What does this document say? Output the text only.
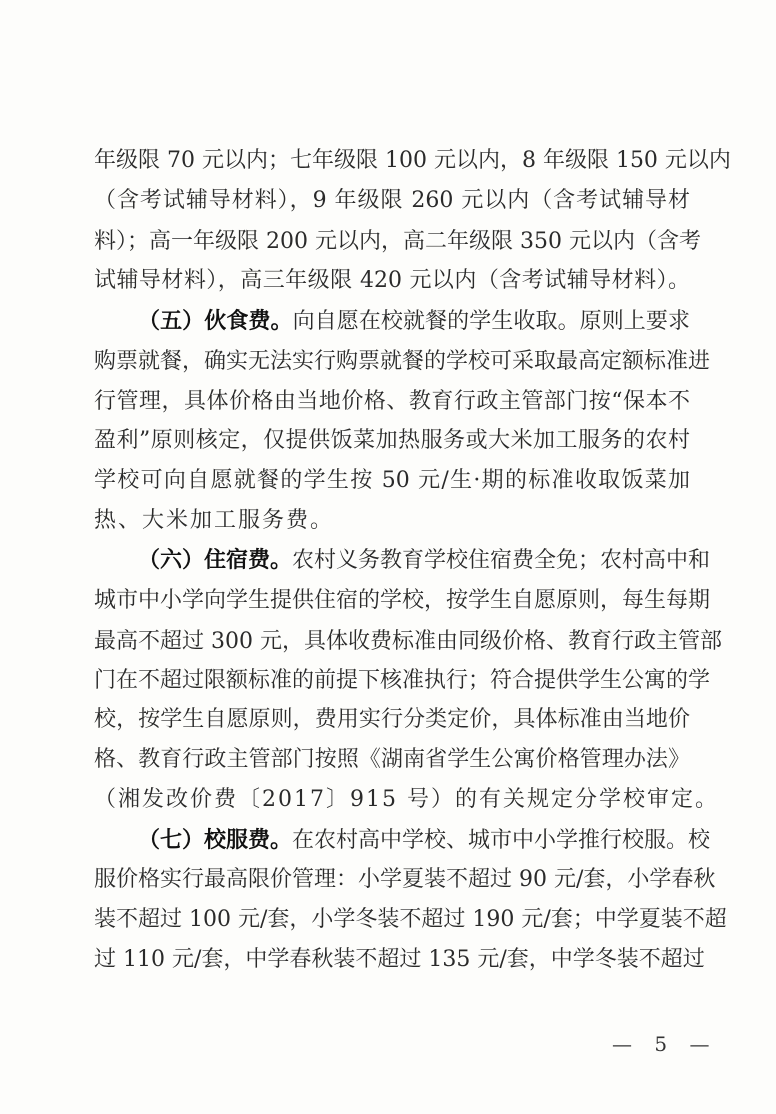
年级限 70 元以内；七年级限 100 元以内，8 年级限 150 元以内
（含考试辅导材料），9 年级限 260 元以内（含考试辅导材
料）；高一年级限 200 元以内，高二年级限 350 元以内（含考
试辅导材料），高三年级限 420 元以内（含考试辅导材料）。
（五）伙食费。向自愿在校就餐的学生收取。原则上要求
购票就餐，确实无法实行购票就餐的学校可采取最高定额标准进
行管理，具体价格由当地价格、教育行政主管部门按“保本不
盈利”原则核定，仅提供饭菜加热服务或大米加工服务的农村
学校可向自愿就餐的学生按 50 元/生·期的标准收取饭菜加
热、大米加工服务费。
（六）住宿费。农村义务教育学校住宿费全免；农村高中和
城市中小学向学生提供住宿的学校，按学生自愿原则，每生每期
最高不超过 300 元，具体收费标准由同级价格、教育行政主管部
门在不超过限额标准的前提下核准执行；符合提供学生公寓的学
校，按学生自愿原则，费用实行分类定价，具体标准由当地价
格、教育行政主管部门按照《湖南省学生公寓价格管理办法》
（湘发改价费〔2017〕915 号）的有关规定分学校审定。
（七）校服费。在农村高中学校、城市中小学推行校服。校
服价格实行最高限价管理：小学夏装不超过 90 元/套，小学春秋
装不超过 100 元/套，小学冬装不超过 190 元/套；中学夏装不超
过 110 元/套，中学春秋装不超过 135 元/套，中学冬装不超过
— 5 —
